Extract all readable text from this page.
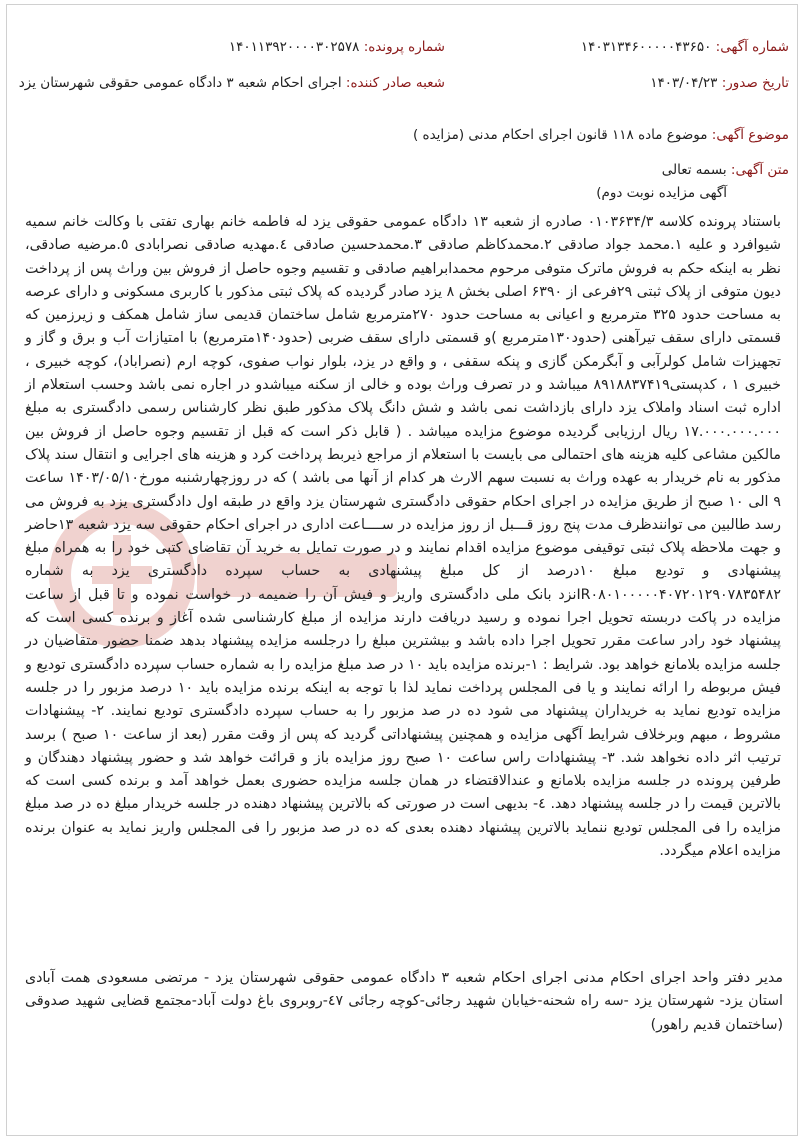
شماره آگهی: ۱۴۰۳۱۳۴۶۰۰۰۰۰۴۳۶۵۰
شماره پرونده: ۱۴۰۱۱۳۹۲۰۰۰۰۳۰۲۵۷۸
تاریخ صدور: ۱۴۰۳/۰۴/۲۳
شعبه صادر کننده: اجرای احکام شعبه ۳ دادگاه عمومی حقوقی شهرستان یزد
موضوع آگهی: موضوع ماده ۱۱۸ قانون اجرای احکام مدنی (مزایده )
متن آگهی: بسمه تعالی
آگهی مزایده نوبت دوم)

باستناد پرونده کلاسه ۰۱۰۳۶۳۴/۳ صادره از شعبه ۱۳ دادگاه عمومی حقوقی یزد له فاطمه خانم بهاری تفتی با وکالت خانم سمیه شیوافرد و علیه ۱.محمد جواد صادقی ۲.محمدکاظم صادقی ۳.محمدحسین صادقی ٤.مهدیه صادقی نصرابادی ٥.مرضیه صادقی، نظر به اینکه حکم به فروش ماترک متوفی مرحوم محمدابراهیم صادقی و تقسیم وجوه حاصل از فروش بین وراث پس از پرداخت دیون متوفی از پلاک ثبتی ۲۹فرعی از ۶۳۹۰ اصلی بخش ۸ یزد صادر گردیده که پلاک ثبتی مذکور با کاربری مسکونی و دارای عرصه به مساحت حدود ۳۲۵ مترمربع و اعیانی به مساحت حدود ۲۷۰مترمربع شامل ساختمان قدیمی ساز شامل همکف و زیرزمین که قسمتی دارای سقف تیرآهنی (حدود۱۳۰مترمربع )و قسمتی دارای سقف ضربی (حدود۱۴۰مترمربع) با امتیازات آب و برق و گاز و تجهیزات شامل کولرآبی و آبگرمکن گازی و پنکه سقفی ، و واقع در یزد، بلوار نواب صفوی، کوچه ارم (نصراباد)، کوچه خبیری ، خبیری ۱ ، کدپستی۸۹۱۸۸۳۷۴۱۹ میباشد و در تصرف وراث بوده و خالی از سکنه میباشدو در اجاره نمی باشد وحسب استعلام از اداره ثبت اسناد واملاک یزد دارای بازداشت نمی باشد و شش دانگ پلاک مذکور طبق نظر کارشناس رسمی دادگستری به مبلغ ۱۷.۰۰۰.۰۰۰.۰۰۰ ریال ارزیابی گردیده موضوع مزایده میباشد . ( قابل ذکر است که قبل از تقسیم وجوه حاصل از فروش بین مالکین مشاعی کلیه هزینه های احتمالی می بایست با استعلام از مراجع ذیربط پرداخت کرد و هزینه های اجرایی و انتقال سند پلاک مذکور به نام خریدار به عهده وراث به نسبت سهم الارث هر کدام از آنها می باشد ) که در روزچهارشنبه مورخ۱۴۰۳/۰۵/۱۰ ساعت ۹ الی ۱۰ صبح از طریق مزایده در اجرای احکام حقوقی دادگستری شهرستان یزد واقع در طبقه اول دادگستری یزد به فروش می رسد طالبین می توانندظرف مدت پنج روز قـــبل از روز مزایده در ســــاعت اداری در اجرای احکام حقوقی سه یزد شعبه ۱۳حاضر و جهت ملاحظه پلاک ثبتی توقیفی موضوع مزایده اقدام نمایند و در صورت تمایل به خرید آن تقاضای کتبی خود را به همراه مبلغ پیشنهادی و تودیع مبلغ ۱۰درصد از کل مبلغ پیشنهادی به حساب سپرده دادگستری یزد به شماره IR۰۸۰۱۰۰۰۰۰۴۰۷۲۰۱۲۹۰۷۸۳۵۴۸۲نزد بانک ملی دادگستری واریز و فیش آن را ضمیمه در خواست نموده و تا قبل از ساعت مزایده در پاکت دربسته تحویل اجرا نموده و رسید دریافت دارند مزایده از مبلغ کارشناسی شده آغاز و برنده کسی است که پیشنهاد خود رادر ساعت مقرر تحویل اجرا داده باشد و بیشترین مبلغ را درجلسه مزایده پیشنهاد بدهد ضمنا حضور متقاضیان در جلسه مزایده بلامانع خواهد بود. شرایط : ۱-برنده مزایده باید ۱۰ در صد مبلغ مزایده را به شماره حساب سپرده دادگستری تودیع و فیش مربوطه را ارائه نمایند و یا فی المجلس پرداخت نماید لذا با توجه به اینکه برنده مزایده باید ۱۰ درصد مزبور را در جلسه مزایده تودیع نماید به خریداران پیشنهاد می شود ده در صد مزبور را به حساب سپرده دادگستری تودیع نمایند. ۲- پیشنهادات مشروط ، مبهم وبرخلاف شرایط آگهی مزایده و همچنین پیشنهاداتی گردید که پس از وقت مقرر (بعد از ساعت ۱۰ صبح ) برسد ترتیب اثر داده نخواهد شد. ۳- پیشنهادات راس ساعت ۱۰ صبح روز مزایده باز و قرائت خواهد شد و حضور پیشنهاد دهندگان و طرفین پرونده در جلسه مزایده بلامانع و عندالاقتضاء در همان جلسه مزایده حضوری بعمل خواهد آمد و برنده کسی است که بالاترین قیمت را در جلسه پیشنهاد دهد. ٤- بدیهی است در صورتی که بالاترین پیشنهاد دهنده در جلسه خریدار مبلغ ده در صد مبلغ مزایده را فی المجلس تودیع ننماید بالاترین پیشنهاد دهنده بعدی که ده در صد مزبور را فی المجلس واریز نماید به عنوان برنده مزایده اعلام میگردد.

مدیر دفتر واحد اجرای احکام مدنی اجرای احکام شعبه ۳ دادگاه عمومی حقوقی شهرستان یزد - مرتضی مسعودی همت آبادی استان یزد- شهرستان یزد -سه راه شحنه-خیابان شهید رجائی-کوچه رجائی ٤۷-روبروی باغ دولت آباد-مجتمع قضایی شهید صدوقی (ساختمان قدیم راهور)
